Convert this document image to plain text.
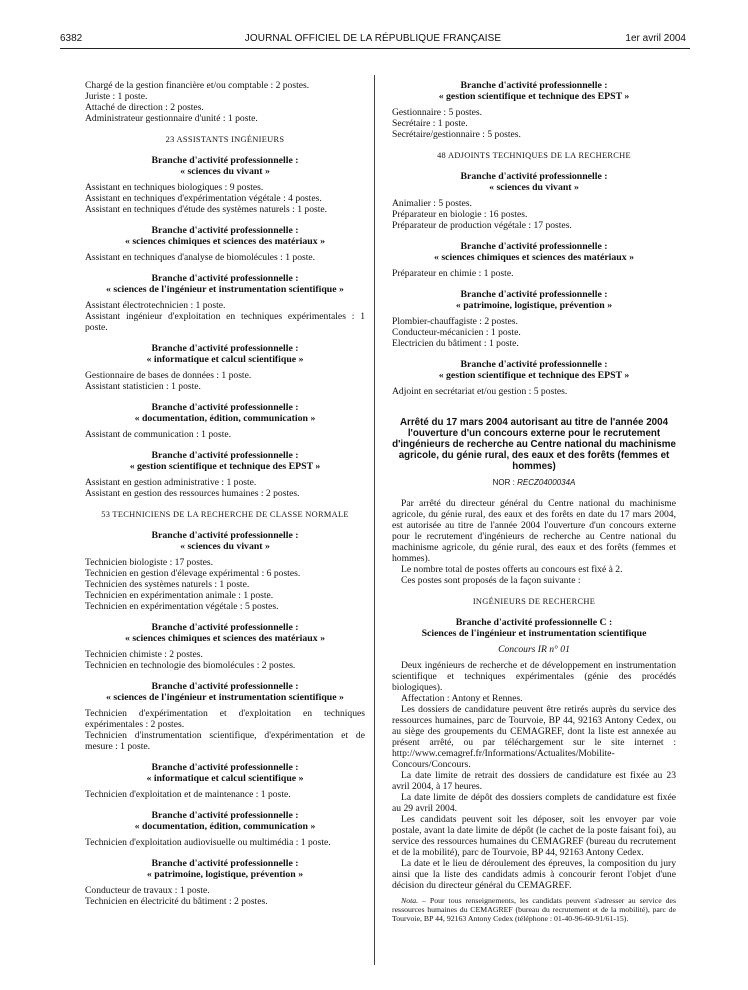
6382	JOURNAL OFFICIEL DE LA RÉPUBLIQUE FRANÇAISE	1er avril 2004

Chargé de la gestion financière et/ou comptable : 2 postes.

Juriste : 1 poste.

Attaché de direction : 2 postes.

Administrateur gestionnaire d'unité : 1 poste.

23 ASSISTANTS INGÉNIEURS

Branche d'activité professionnelle :

« sciences du vivant »

Assistant en techniques biologiques : 9 postes.

Assistant en techniques d'expérimentation végétale : 4 postes.

Assistant en techniques d'étude des systèmes naturels : 1 poste.

Branche d'activité professionnelle :

« sciences chimiques et sciences des matériaux »

Assistant en techniques d'analyse de biomolécules : 1 poste.

Branche d'activité professionnelle :

« sciences de l'ingénieur et instrumentation scientifique »

Assistant électrotechnicien : 1 poste.

Assistant ingénieur d'exploitation en techniques expérimentales : 1 poste.

Branche d'activité professionnelle :

« informatique et calcul scientifique »

Gestionnaire de bases de données : 1 poste.

Assistant statisticien : 1 poste.

Branche d'activité professionnelle :

« documentation, édition, communication »

Assistant de communication : 1 poste.

Branche d'activité professionnelle :

« gestion scientifique et technique des EPST »

Assistant en gestion administrative : 1 poste.

Assistant en gestion des ressources humaines : 2 postes.

53 TECHNICIENS DE LA RECHERCHE DE CLASSE NORMALE

Branche d'activité professionnelle :

« sciences du vivant »

Technicien biologiste : 17 postes.

Technicien en gestion d'élevage expérimental : 6 postes.

Technicien des systèmes naturels : 1 poste.

Technicien en expérimentation animale : 1 poste.

Technicien en expérimentation végétale : 5 postes.

Branche d'activité professionnelle :

« sciences chimiques et sciences des matériaux »

Technicien chimiste : 2 postes.

Technicien en technologie des biomolécules : 2 postes.

Branche d'activité professionnelle :

« sciences de l'ingénieur et instrumentation scientifique »

Technicien d'expérimentation et d'exploitation en techniques expérimentales : 2 postes.

Technicien d'instrumentation scientifique, d'expérimentation et de mesure : 1 poste.

Branche d'activité professionnelle :

« informatique et calcul scientifique »

Technicien d'exploitation et de maintenance : 1 poste.

Branche d'activité professionnelle :

« documentation, édition, communication »

Technicien d'exploitation audiovisuelle ou multimédia : 1 poste.

Branche d'activité professionnelle :

« patrimoine, logistique, prévention »

Conducteur de travaux : 1 poste.

Technicien en électricité du bâtiment : 2 postes.

Branche d'activité professionnelle :

« gestion scientifique et technique des EPST »

Gestionnaire : 5 postes.

Secrétaire : 1 poste.

Secrétaire/gestionnaire : 5 postes.

48 ADJOINTS TECHNIQUES DE LA RECHERCHE

Branche d'activité professionnelle :

« sciences du vivant »

Animalier : 5 postes.

Préparateur en biologie : 16 postes.

Préparateur de production végétale : 17 postes.

Branche d'activité professionnelle :

« sciences chimiques et sciences des matériaux »

Préparateur en chimie : 1 poste.

Branche d'activité professionnelle :

« patrimoine, logistique, prévention »

Plombier-chauffagiste : 2 postes.

Conducteur-mécanicien : 1 poste.

Electricien du bâtiment : 1 poste.

Branche d'activité professionnelle :

« gestion scientifique et technique des EPST »

Adjoint en secrétariat et/ou gestion : 5 postes.

Arrêté du 17 mars 2004 autorisant au titre de l'année 2004 l'ouverture d'un concours externe pour le recrutement d'ingénieurs de recherche au Centre national du machinisme agricole, du génie rural, des eaux et des forêts (femmes et hommes)

NOR : RECZ0400034A

Par arrêté du directeur général du Centre national du machinisme agricole, du génie rural, des eaux et des forêts en date du 17 mars 2004, est autorisée au titre de l'année 2004 l'ouverture d'un concours externe pour le recrutement d'ingénieurs de recherche au Centre national du machinisme agricole, du génie rural, des eaux et des forêts (femmes et hommes).

Le nombre total de postes offerts au concours est fixé à 2.

Ces postes sont proposés de la façon suivante :

INGÉNIEURS DE RECHERCHE

Branche d'activité professionnelle C :

Sciences de l'ingénieur et instrumentation scientifique

Concours IR n° 01

Deux ingénieurs de recherche et de développement en instrumentation scientifique et techniques expérimentales (génie des procédés biologiques).

Affectation : Antony et Rennes.

Les dossiers de candidature peuvent être retirés auprès du service des ressources humaines, parc de Tourvoie, BP 44, 92163 Antony Cedex, ou au siège des groupements du CEMAGREF, dont la liste est annexée au présent arrêté, ou par téléchargement sur le site internet : http://www.cemagref.fr/Informations/Actualites/Mobilite-Concours/Concours.

La date limite de retrait des dossiers de candidature est fixée au 23 avril 2004, à 17 heures.

La date limite de dépôt des dossiers complets de candidature est fixée au 29 avril 2004.

Les candidats peuvent soit les déposer, soit les envoyer par voie postale, avant la date limite de dépôt (le cachet de la poste faisant foi), au service des ressources humaines du CEMAGREF (bureau du recrutement et de la mobilité), parc de Tourvoie, BP 44, 92163 Antony Cedex.

La date et le lieu de déroulement des épreuves, la composition du jury ainsi que la liste des candidats admis à concourir feront l'objet d'une décision du directeur général du CEMAGREF.

Nota. – Pour tous renseignements, les candidats peuvent s'adresser au service des ressources humaines du CEMAGREF (bureau du recrutement et de la mobilité), parc de Tourvoie, BP 44, 92163 Antony Cedex (téléphone : 01-40-96-60-91/61-15).
